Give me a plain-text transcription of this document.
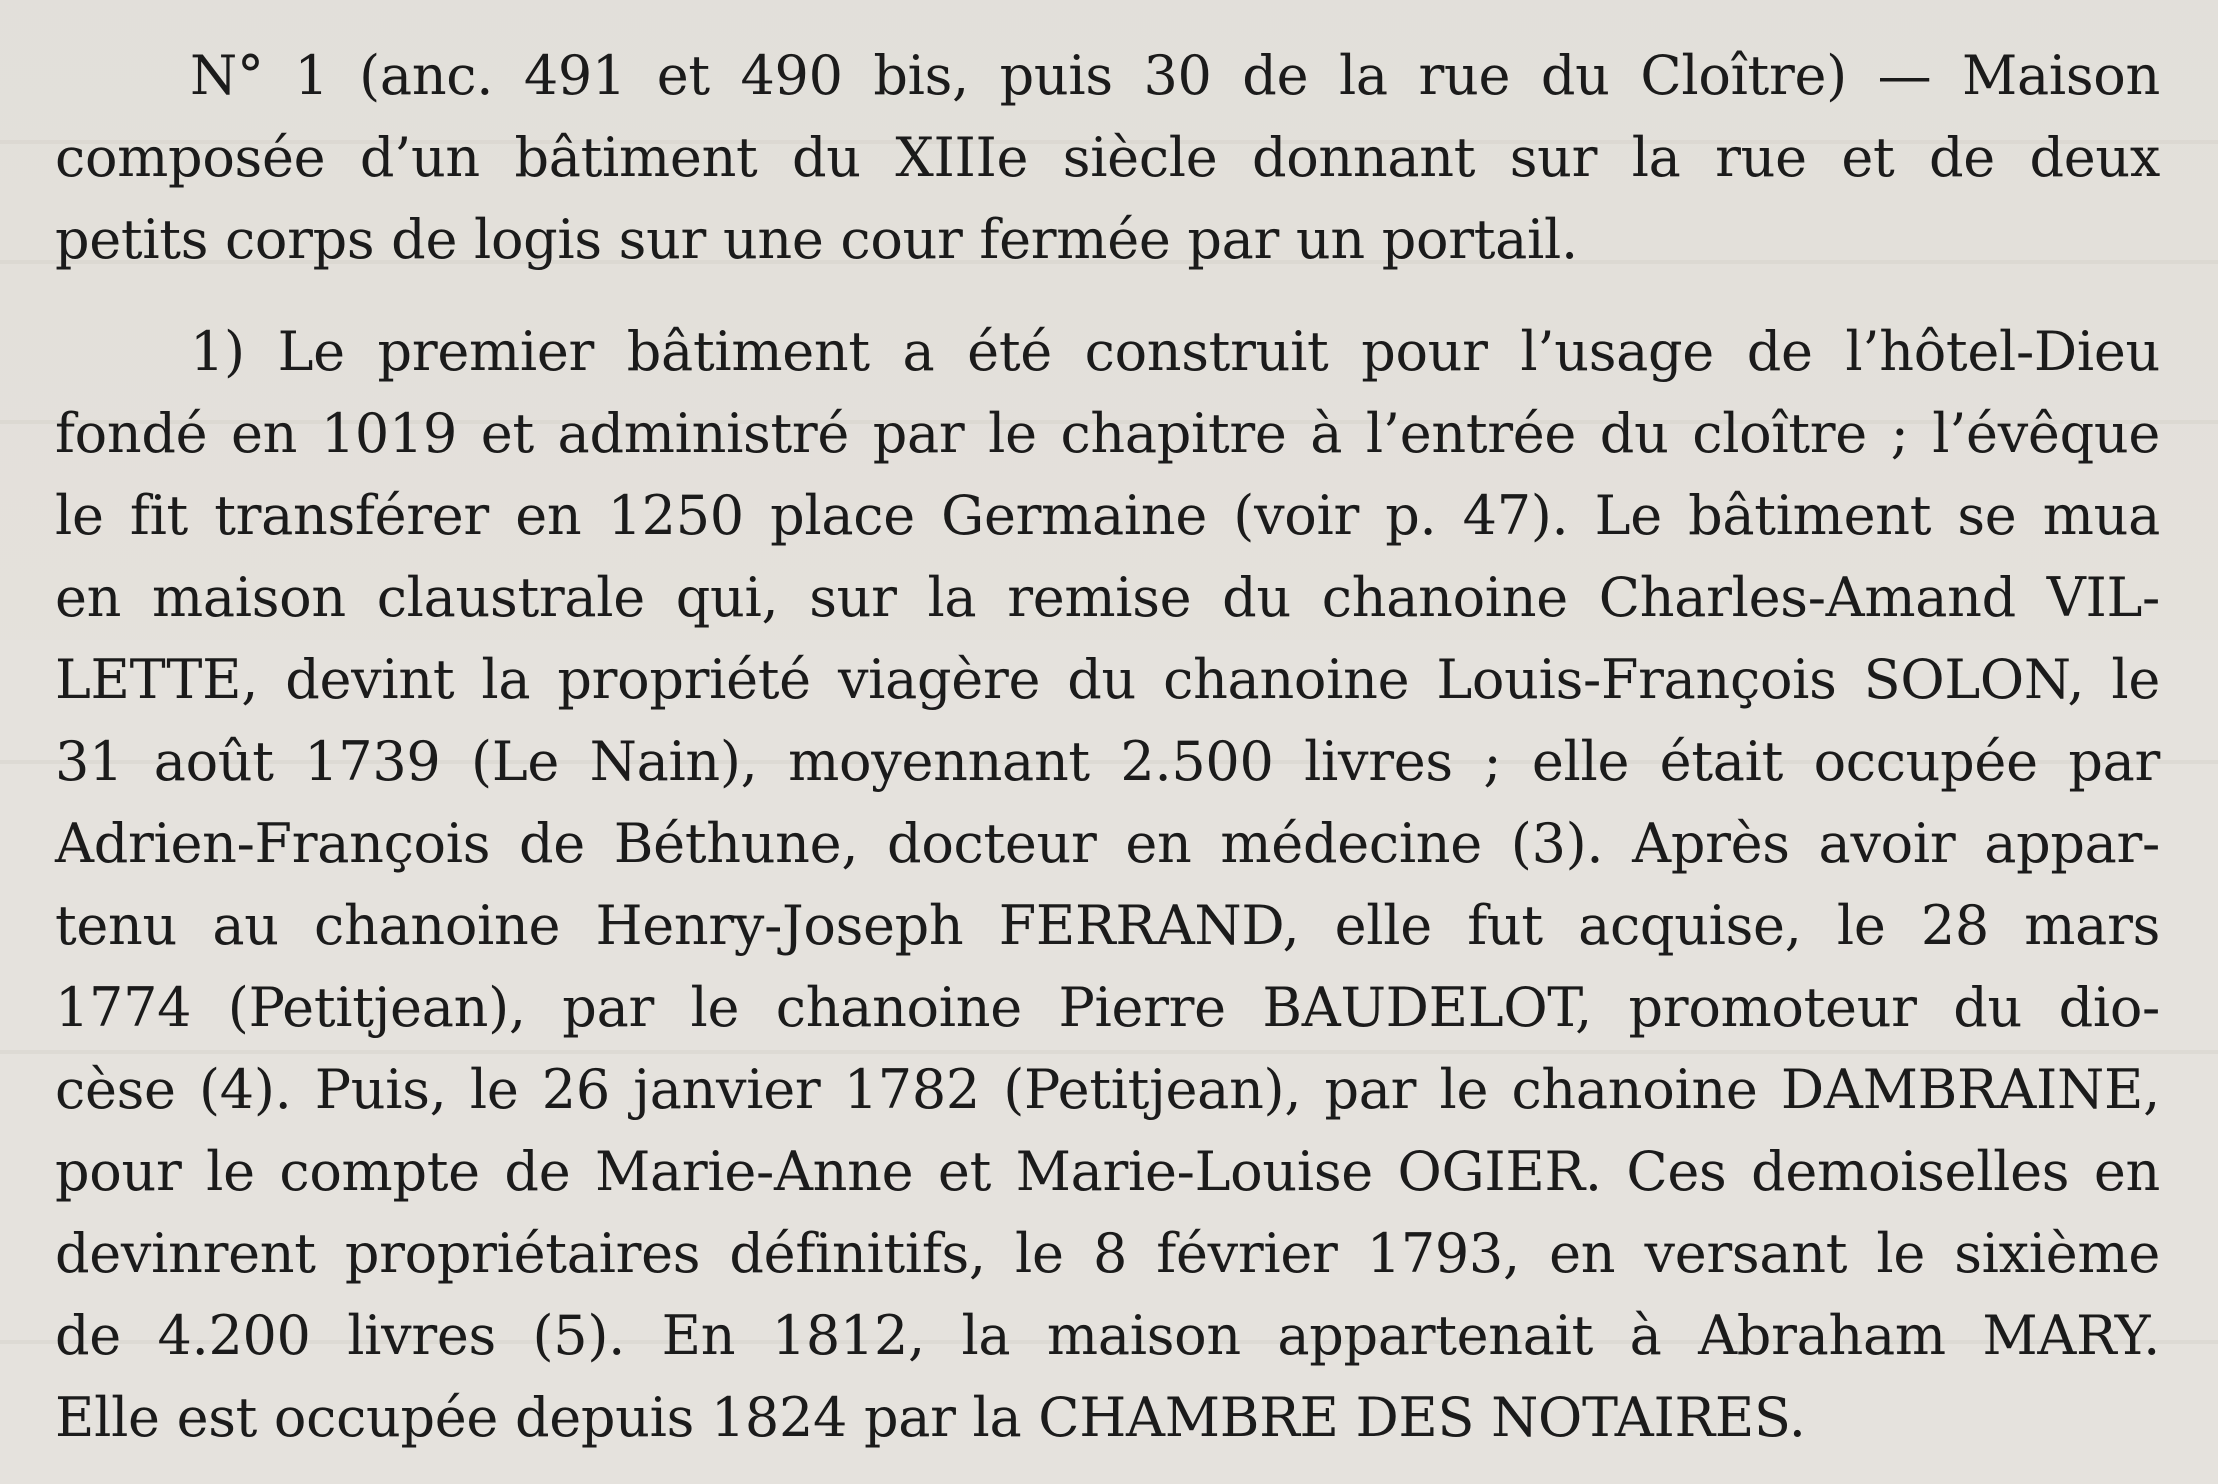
N° 1 (anc. 491 et 490 bis, puis 30 de la rue du Cloître) — Maison
composée d’un bâtiment du XIIIe siècle donnant sur la rue et de deux
petits corps de logis sur une cour fermée par un portail.
1) Le premier bâtiment a été construit pour l’usage de l’hôtel-Dieu
fondé en 1019 et administré par le chapitre à l’entrée du cloître ; l’évêque
le fit transférer en 1250 place Germaine (voir p. 47). Le bâtiment se mua
en maison claustrale qui, sur la remise du chanoine Charles-Amand VIL-
LETTE, devint la propriété viagère du chanoine Louis-François SOLON, le
31 août 1739 (Le Nain), moyennant 2.500 livres ; elle était occupée par
Adrien-François de Béthune, docteur en médecine (3). Après avoir appar-
tenu au chanoine Henry-Joseph FERRAND, elle fut acquise, le 28 mars
1774 (Petitjean), par le chanoine Pierre BAUDELOT, promoteur du dio-
cèse (4). Puis, le 26 janvier 1782 (Petitjean), par le chanoine DAMBRAINE,
pour le compte de Marie-Anne et Marie-Louise OGIER. Ces demoiselles en
devinrent propriétaires définitifs, le 8 février 1793, en versant le sixième
de 4.200 livres (5). En 1812, la maison appartenait à Abraham MARY.
Elle est occupée depuis 1824 par la CHAMBRE DES NOTAIRES.
